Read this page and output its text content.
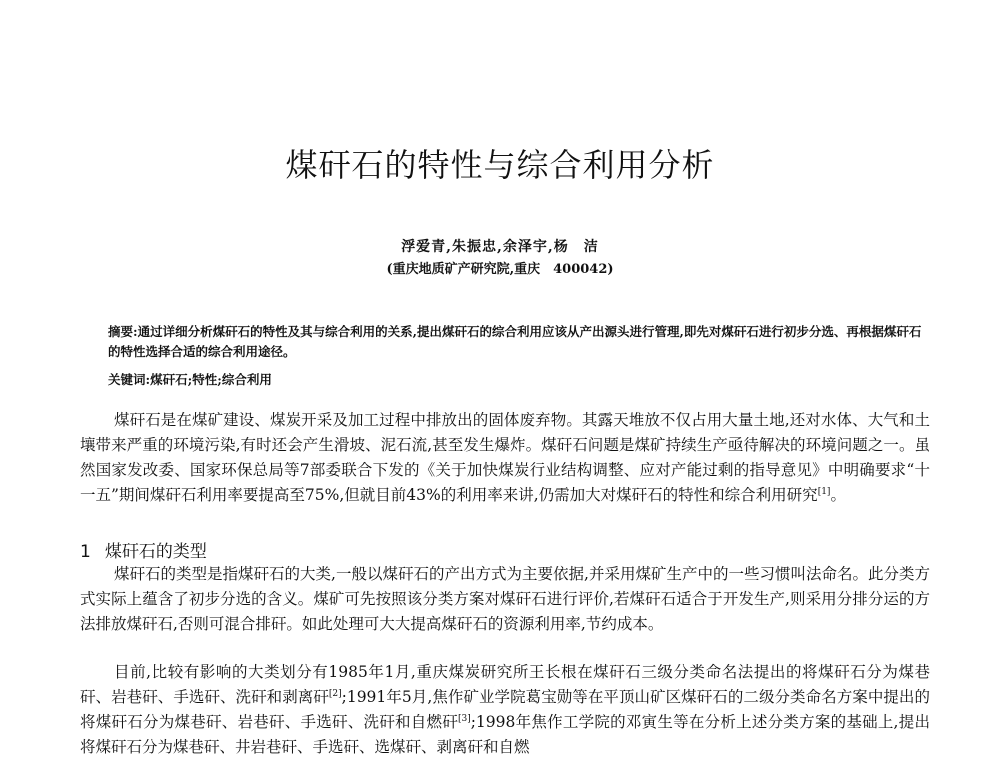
煤矸石的特性与综合利用分析
浮爱青,朱振忠,余泽宇,杨　洁
(重庆地质矿产研究院,重庆　400042)
摘要:通过详细分析煤矸石的特性及其与综合利用的关系,提出煤矸石的综合利用应该从产出源头进行管理,即先对煤矸石进行初步分选、再根据煤矸石的特性选择合适的综合利用途径。
关键词:煤矸石;特性;综合利用
煤矸石是在煤矿建设、煤炭开采及加工过程中排放出的固体废弃物。其露天堆放不仅占用大量土地,还对水体、大气和土壤带来严重的环境污染,有时还会产生滑坡、泥石流,甚至发生爆炸。煤矸石问题是煤矿持续生产亟待解决的环境问题之一。虽然国家发改委、国家环保总局等7部委联合下发的《关于加快煤炭行业结构调整、应对产能过剩的指导意见》中明确要求“十一五”期间煤矸石利用率要提高至75%,但就目前43%的利用率来讲,仍需加大对煤矸石的特性和综合利用研究[1]。
1 煤矸石的类型
煤矸石的类型是指煤矸石的大类,一般以煤矸石的产出方式为主要依据,并采用煤矿生产中的一些习惯叫法命名。此分类方式实际上蕴含了初步分选的含义。煤矿可先按照该分类方案对煤矸石进行评价,若煤矸石适合于开发生产,则采用分排分运的方法排放煤矸石,否则可混合排矸。如此处理可大大提高煤矸石的资源利用率,节约成本。
目前,比较有影响的大类划分有1985年1月,重庆煤炭研究所王长根在煤矸石三级分类命名法提出的将煤矸石分为煤巷矸、岩巷矸、手选矸、洗矸和剥离矸[2];1991年5月,焦作矿业学院葛宝勋等在平顶山矿区煤矸石的二级分类命名方案中提出的将煤矸石分为煤巷矸、岩巷矸、手选矸、洗矸和自燃矸[3];1998年焦作工学院的邓寅生等在分析上述分类方案的基础上,提出将煤矸石分为煤巷矸、井岩巷矸、手选矸、选煤矸、剥离矸和自燃
